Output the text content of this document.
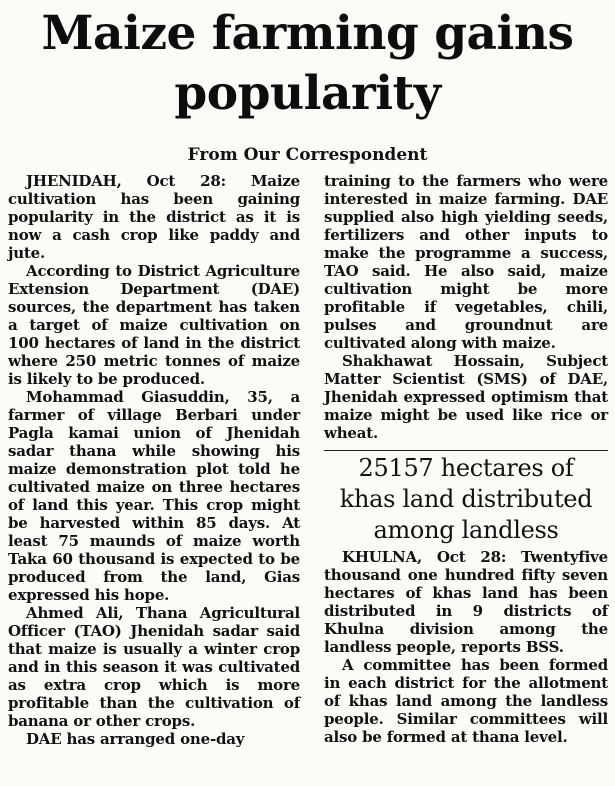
Maize farming gains
popularity
From Our Correspondent

JHENIDAH, Oct 28: Maize cultivation has been gaining popularity in the district as it is now a cash crop like paddy and jute.

According to District Agriculture Extension Department (DAE) sources, the department has taken a target of maize cultivation on 100 hectares of land in the district where 250 metric tonnes of maize is likely to be produced.

Mohammad Giasuddin, 35, a farmer of village Berbari under Pagla kamai union of Jhenidah sadar thana while showing his maize demonstration plot told he cultivated maize on three hectares of land this year. This crop might be harvested within 85 days. At least 75 maunds of maize worth Taka 60 thousand is expected to be produced from the land, Gias expressed his hope.

Ahmed Ali, Thana Agricultural Officer (TAO) Jhenidah sadar said that maize is usually a winter crop and in this season it was cultivated as extra crop which is more profitable than the cultivation of banana or other crops.

DAE has arranged one-day

training to the farmers who were interested in maize farming. DAE supplied also high yielding seeds, fertilizers and other inputs to make the programme a success, TAO said. He also said, maize cultivation might be more profitable if vegetables, chili, pulses and groundnut are cultivated along with maize.

Shakhawat Hossain, Subject Matter Scientist (SMS) of DAE, Jhenidah expressed optimism that maize might be used like rice or wheat.

25157 hectares of
khas land distributed
among landless

KHULNA, Oct 28: Twentyfive thousand one hundred fifty seven hectares of khas land has been distributed in 9 districts of Khulna division among the landless people, reports BSS.

A committee has been formed in each district for the allotment of khas land among the landless people. Similar committees will also be formed at thana level.
